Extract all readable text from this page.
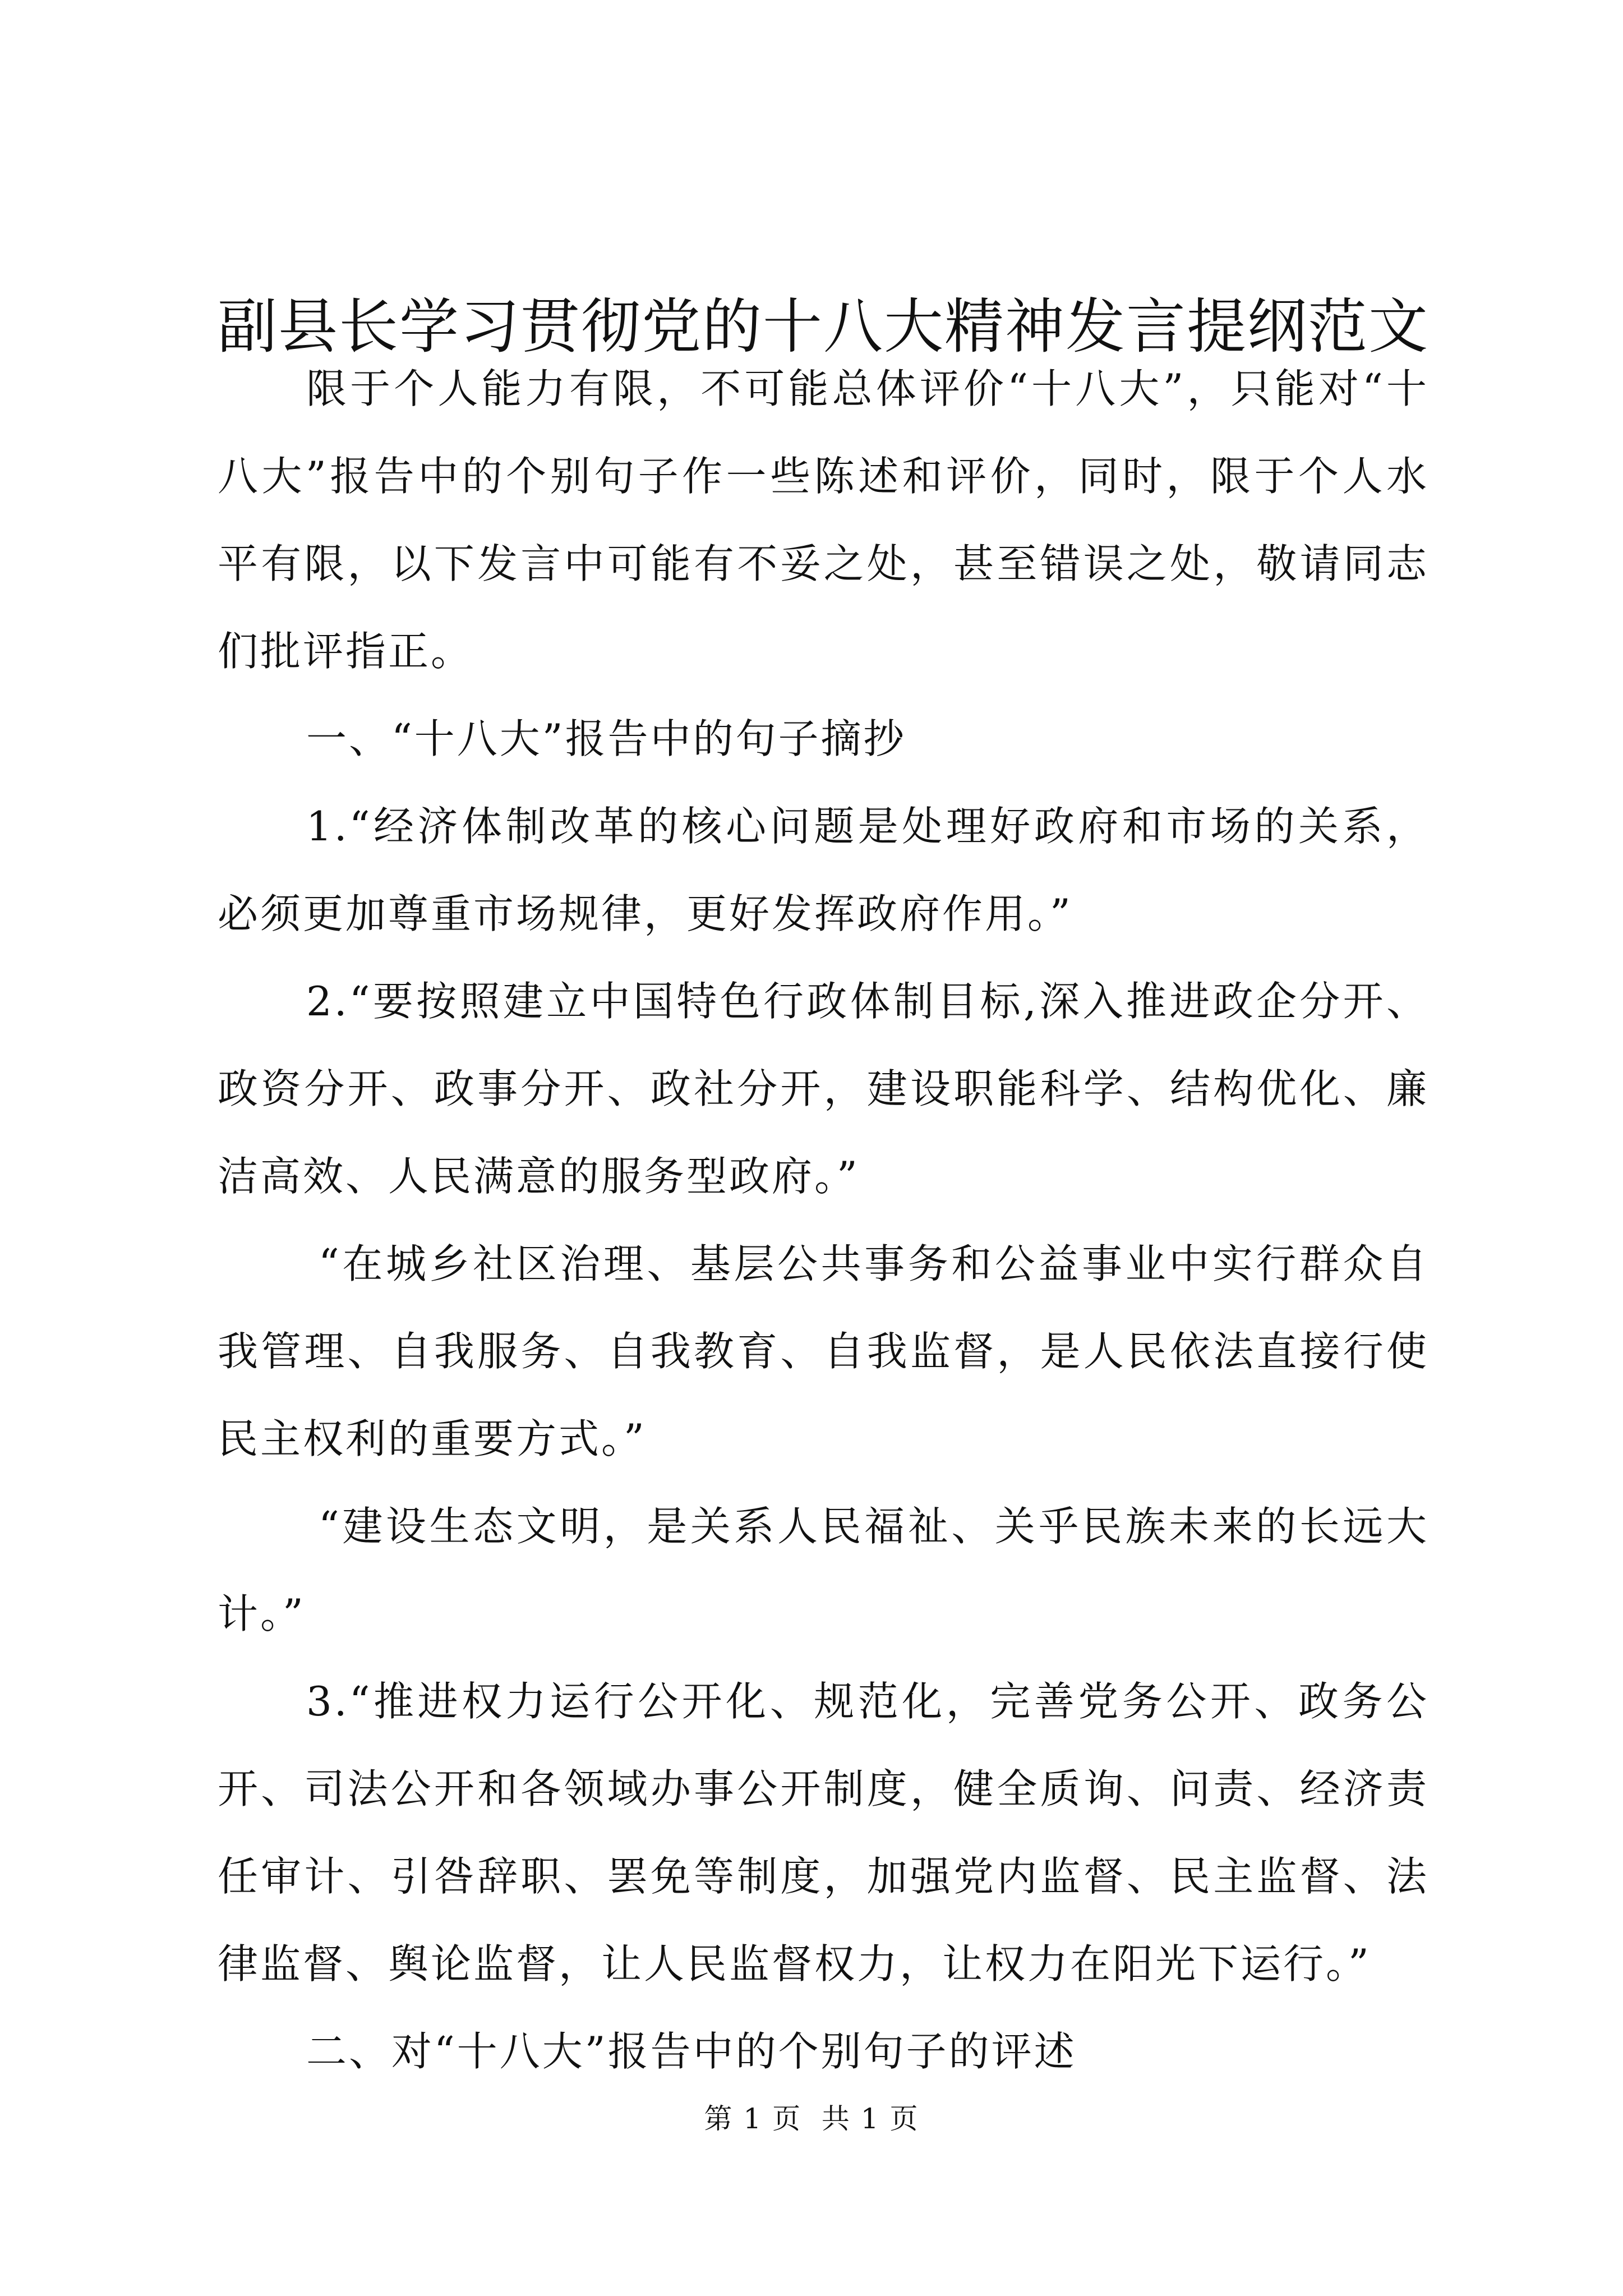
副县长学习贯彻党的十八大精神发言提纲范文

限于个人能力有限，不可能总体评价“十八大”，只能对“十八大”报告中的个别句子作一些陈述和评价，同时，限于个人水平有限，以下发言中可能有不妥之处，甚至错误之处，敬请同志们批评指正。

一、“十八大”报告中的句子摘抄

1.“经济体制改革的核心问题是处理好政府和市场的关系，必须更加尊重市场规律，更好发挥政府作用。”

2.“要按照建立中国特色行政体制目标,深入推进政企分开、政资分开、政事分开、政社分开，建设职能科学、结构优化、廉洁高效、人民满意的服务型政府。”

“在城乡社区治理、基层公共事务和公益事业中实行群众自我管理、自我服务、自我教育、自我监督，是人民依法直接行使民主权利的重要方式。”

“建设生态文明，是关系人民福祉、关乎民族未来的长远大计。”

3.“推进权力运行公开化、规范化，完善党务公开、政务公开、司法公开和各领域办事公开制度，健全质询、问责、经济责任审计、引咎辞职、罢免等制度，加强党内监督、民主监督、法律监督、舆论监督，让人民监督权力，让权力在阳光下运行。”

二、对“十八大”报告中的个别句子的评述

第 1 页  共 1 页
